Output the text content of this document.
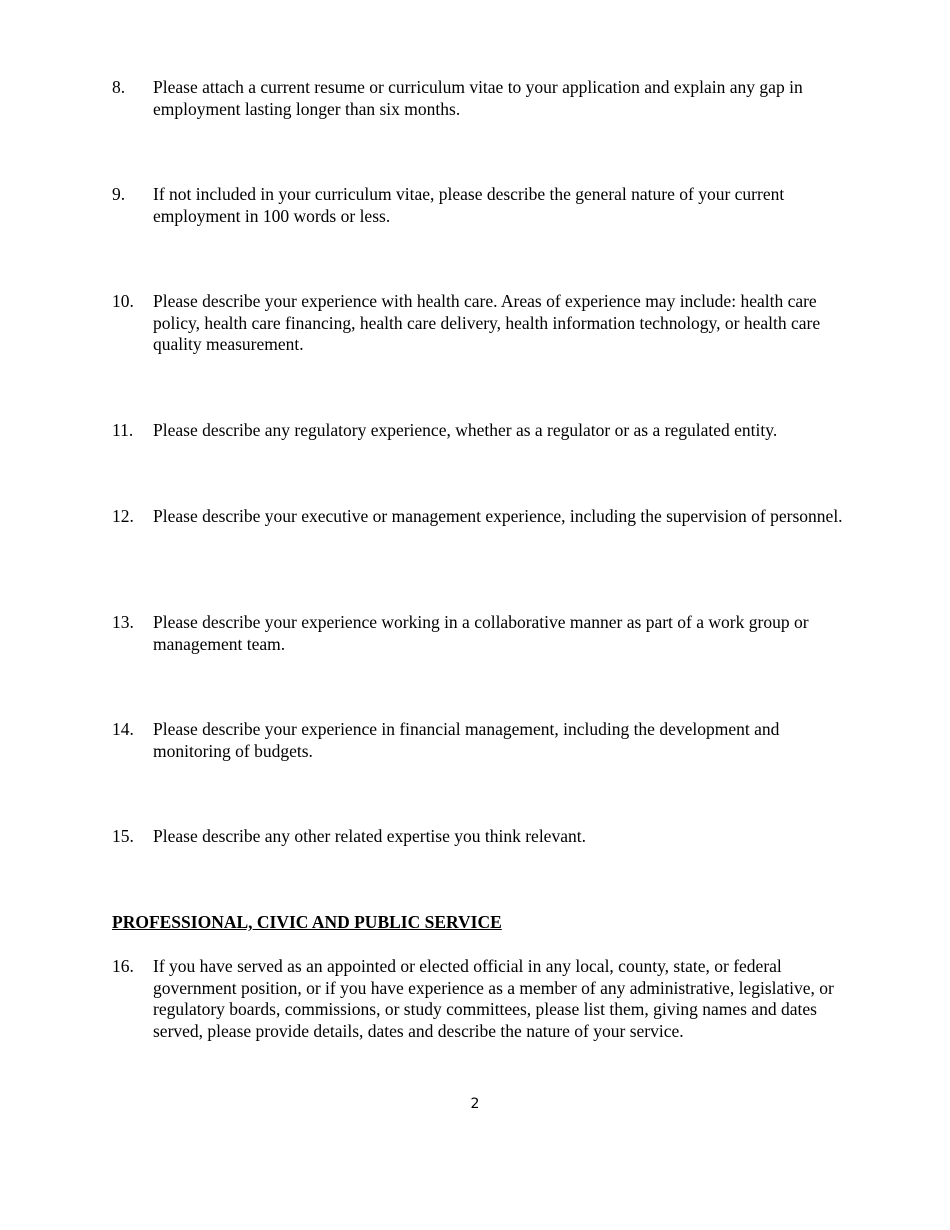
8.	Please attach a current resume or curriculum vitae to your application and explain any gap in employment lasting longer than six months.
9.	If not included in your curriculum vitae, please describe the general nature of your current employment in 100 words or less.
10.	Please describe your experience with health care. Areas of experience may include: health care policy, health care financing, health care delivery, health information technology, or health care quality measurement.
11.	Please describe any regulatory experience, whether as a regulator or as a regulated entity.
12.	Please describe your executive or management experience, including the supervision of personnel.
13.	Please describe your experience working in a collaborative manner as part of a work group or management team.
14.	Please describe your experience in financial management, including the development and monitoring of budgets.
15.	Please describe any other related expertise you think relevant.
PROFESSIONAL, CIVIC AND PUBLIC SERVICE
16.	If you have served as an appointed or elected official in any local, county, state, or federal government position, or if you have experience as a member of any administrative, legislative, or regulatory boards, commissions, or study committees, please list them, giving names and dates served, please provide details, dates and describe the nature of your service.
2
